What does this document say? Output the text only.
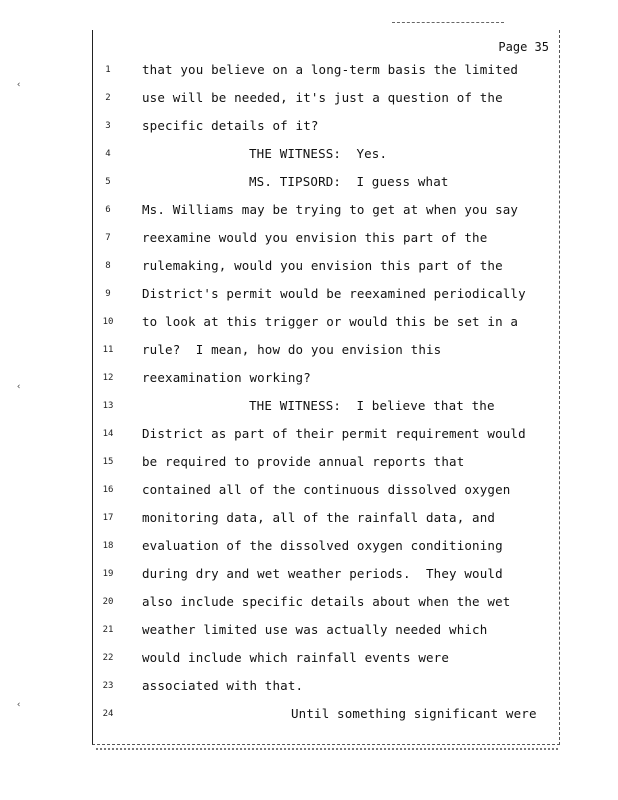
‹
‹
‹
Page 35
1	that you believe on a long-term basis the limited
2	use will be needed, it's just a question of the
3	specific details of it?
4	THE WITNESS:  Yes.
5	MS. TIPSORD:  I guess what
6	Ms. Williams may be trying to get at when you say
7	reexamine would you envision this part of the
8	rulemaking, would you envision this part of the
9	District's permit would be reexamined periodically
10 to look at this trigger or would this be set in a
11 rule?  I mean, how do you envision this
12 reexamination working?
13	THE WITNESS:  I believe that the
14 District as part of their permit requirement would
15 be required to provide annual reports that
16 contained all of the continuous dissolved oxygen
17 monitoring data, all of the rainfall data, and
18 evaluation of the dissolved oxygen conditioning
19 during dry and wet weather periods.  They would
20 also include specific details about when the wet
21 weather limited use was actually needed which
22 would include which rainfall events were
23 associated with that.
24	Until something significant were
